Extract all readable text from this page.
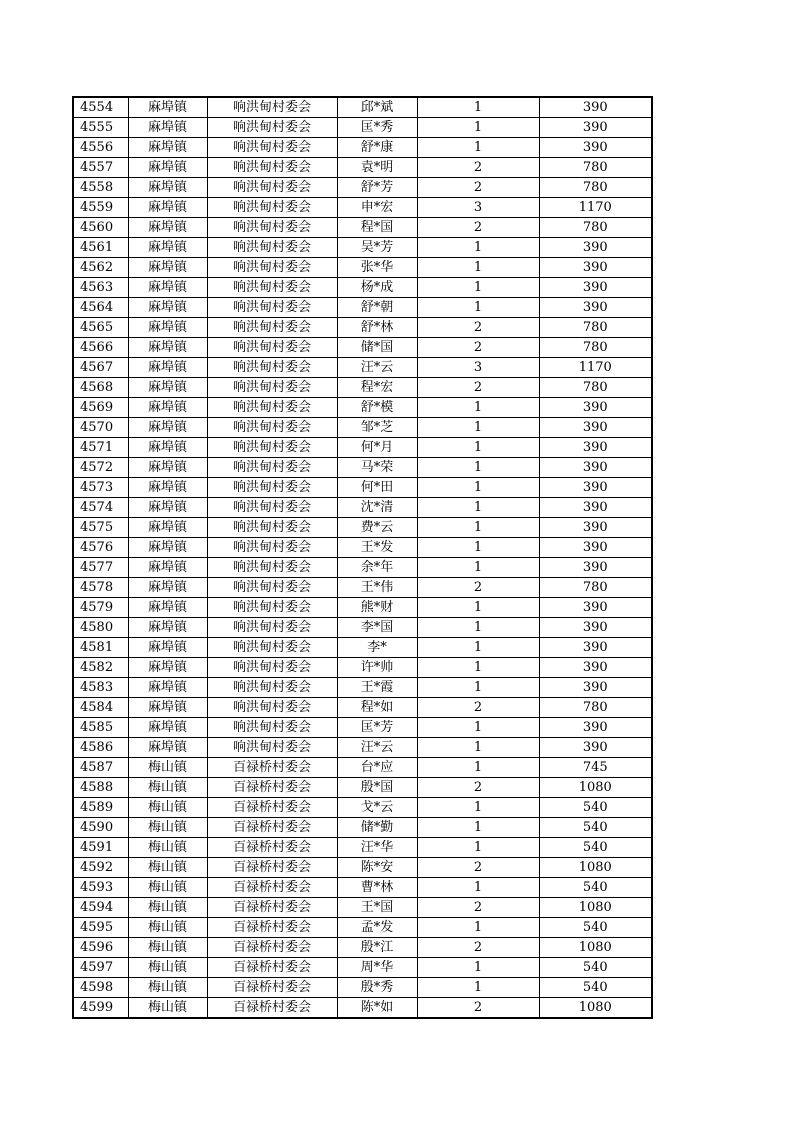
4554	麻埠镇	响洪甸村委会	邱*斌	1	390
4555	麻埠镇	响洪甸村委会	匡*秀	1	390
4556	麻埠镇	响洪甸村委会	舒*康	1	390
4557	麻埠镇	响洪甸村委会	袁*明	2	780
4558	麻埠镇	响洪甸村委会	舒*芳	2	780
4559	麻埠镇	响洪甸村委会	申*宏	3	1170
4560	麻埠镇	响洪甸村委会	程*国	2	780
4561	麻埠镇	响洪甸村委会	吴*芳	1	390
4562	麻埠镇	响洪甸村委会	张*华	1	390
4563	麻埠镇	响洪甸村委会	杨*成	1	390
4564	麻埠镇	响洪甸村委会	舒*朝	1	390
4565	麻埠镇	响洪甸村委会	舒*林	2	780
4566	麻埠镇	响洪甸村委会	储*国	2	780
4567	麻埠镇	响洪甸村委会	汪*云	3	1170
4568	麻埠镇	响洪甸村委会	程*宏	2	780
4569	麻埠镇	响洪甸村委会	舒*模	1	390
4570	麻埠镇	响洪甸村委会	邹*芝	1	390
4571	麻埠镇	响洪甸村委会	何*月	1	390
4572	麻埠镇	响洪甸村委会	马*荣	1	390
4573	麻埠镇	响洪甸村委会	何*田	1	390
4574	麻埠镇	响洪甸村委会	沈*清	1	390
4575	麻埠镇	响洪甸村委会	费*云	1	390
4576	麻埠镇	响洪甸村委会	王*发	1	390
4577	麻埠镇	响洪甸村委会	余*年	1	390
4578	麻埠镇	响洪甸村委会	王*伟	2	780
4579	麻埠镇	响洪甸村委会	熊*财	1	390
4580	麻埠镇	响洪甸村委会	李*国	1	390
4581	麻埠镇	响洪甸村委会	李*	1	390
4582	麻埠镇	响洪甸村委会	许*帅	1	390
4583	麻埠镇	响洪甸村委会	王*霞	1	390
4584	麻埠镇	响洪甸村委会	程*如	2	780
4585	麻埠镇	响洪甸村委会	匡*芳	1	390
4586	麻埠镇	响洪甸村委会	汪*云	1	390
4587	梅山镇	百禄桥村委会	台*应	1	745
4588	梅山镇	百禄桥村委会	殷*国	2	1080
4589	梅山镇	百禄桥村委会	戈*云	1	540
4590	梅山镇	百禄桥村委会	储*勤	1	540
4591	梅山镇	百禄桥村委会	汪*华	1	540
4592	梅山镇	百禄桥村委会	陈*安	2	1080
4593	梅山镇	百禄桥村委会	曹*林	1	540
4594	梅山镇	百禄桥村委会	王*国	2	1080
4595	梅山镇	百禄桥村委会	孟*发	1	540
4596	梅山镇	百禄桥村委会	殷*江	2	1080
4597	梅山镇	百禄桥村委会	周*华	1	540
4598	梅山镇	百禄桥村委会	殷*秀	1	540
4599	梅山镇	百禄桥村委会	陈*如	2	1080
